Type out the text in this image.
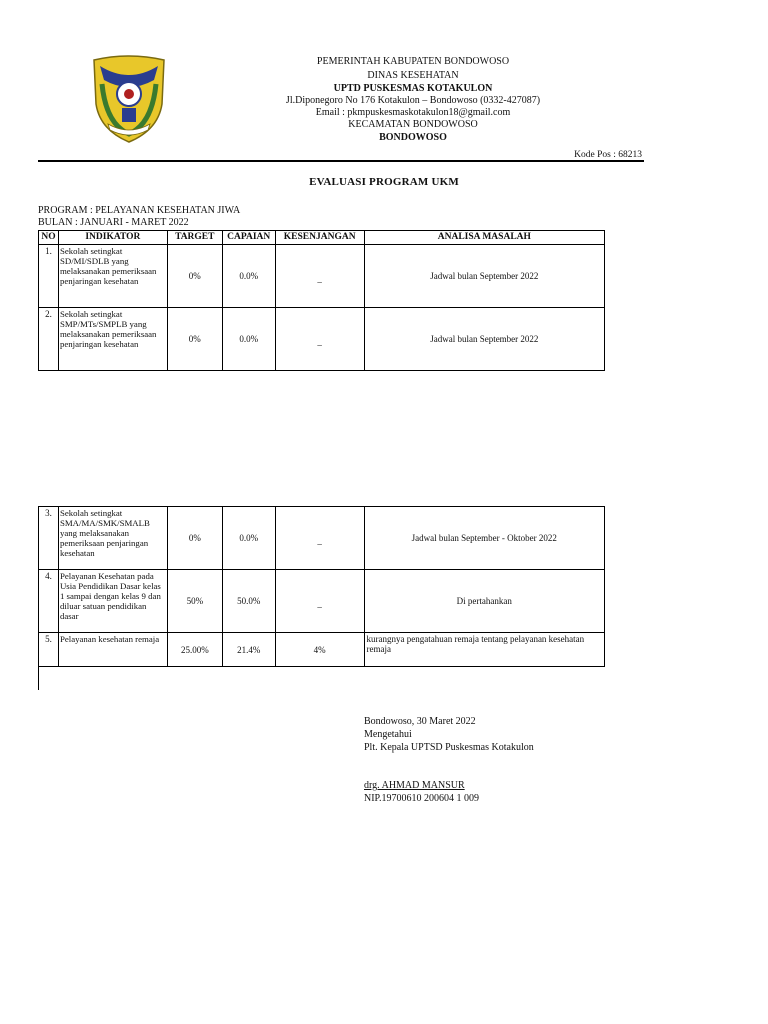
PEMERINTAH KABUPATEN BONDOWOSO
DINAS KESEHATAN
UPTD PUSKESMAS KOTAKULON
Jl.Diponegoro No 176 Kotakulon – Bondowoso (0332-427087)
Email : pkmpuskesmaskotakulon18@gmail.com
KECAMATAN BONDOWOSO
BONDOWOSO
Kode Pos : 68213
EVALUASI PROGRAM UKM
PROGRAM : PELAYANAN KESEHATAN JIWA
BULAN : JANUARI - MARET 2022
NO	INDIKATOR	TARGET	CAPAIAN	KESENJANGAN	ANALISA MASALAH
1.	Sekolah setingkat SD/MI/SDLB yang melaksanakan pemeriksaan penjaringan kesehatan	0%	0.0%	_	Jadwal bulan September 2022
2.	Sekolah setingkat SMP/MTs/SMPLB yang melaksanakan pemeriksaan penjaringan kesehatan	0%	0.0%	_	Jadwal bulan September 2022
3.	Sekolah setingkat SMA/MA/SMK/SMALB yang melaksanakan pemeriksaan penjaringan kesehatan	0%	0.0%	_	Jadwal bulan September - Oktober 2022
4.	Pelayanan Kesehatan pada Usia Pendidikan Dasar kelas 1 sampai dengan kelas 9 dan diluar satuan pendidikan dasar	50%	50.0%	_	Di pertahankan
5.	Pelayanan kesehatan remaja	25.00%	21.4%	4%	kurangnya pengatahuan remaja tentang pelayanan kesehatan remaja
Bondowoso, 30 Maret 2022
Mengetahui
Plt. Kepala UPTSD Puskesmas Kotakulon
drg. AHMAD MANSUR
NIP.19700610 200604 1 009
